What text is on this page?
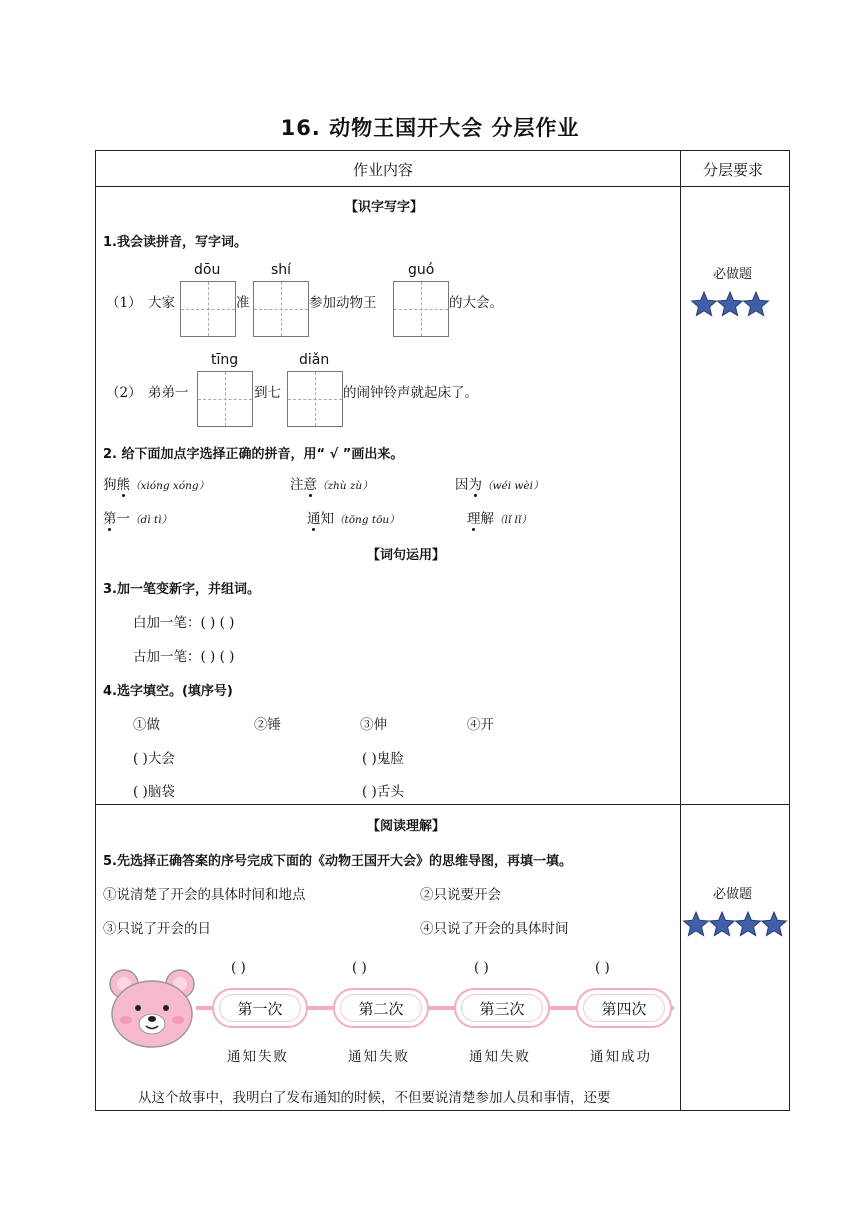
16. 动物王国开大会 分层作业
作业内容	分层要求
【识字写字】
1.我会读拼音，写字词。
（1） 大家
dōu
准
shí
参加动物王
guó
的大会。
（2） 弟弟一
tīng
到七
diǎn
的闹钟铃声就起床了。
2. 给下面加点字选择正确的拼音，用“ √ ”画出来。
狗熊（xióng xóng）	注意（zhù zù）	因为（wéi wèi）
第一（dì tì）	通知（tōng tōu）	理解（lǐ lǐ）
必做题
【词句运用】
3.加一笔变新字，并组词。
白加一笔：( ) ( )
古加一笔：( ) ( )
4.选字填空。(填序号)
①做	②锤	③伸	④开
( )大会	( )鬼脸
( )脑袋	( )舌头
【阅读理解】
5.先选择正确答案的序号完成下面的《动物王国开大会》的思维导图，再填一填。
①说清楚了开会的具体时间和地点	②只说要开会
③只说了开会的日	④只说了开会的具体时间
第一次	第二次	第三次	第四次
( )	( )	( )	( )
通知失败	通知失败	通知失败	通知成功
从这个故事中，我明白了发布通知的时候，不但要说清楚参加人员和事情，还要
必做题
